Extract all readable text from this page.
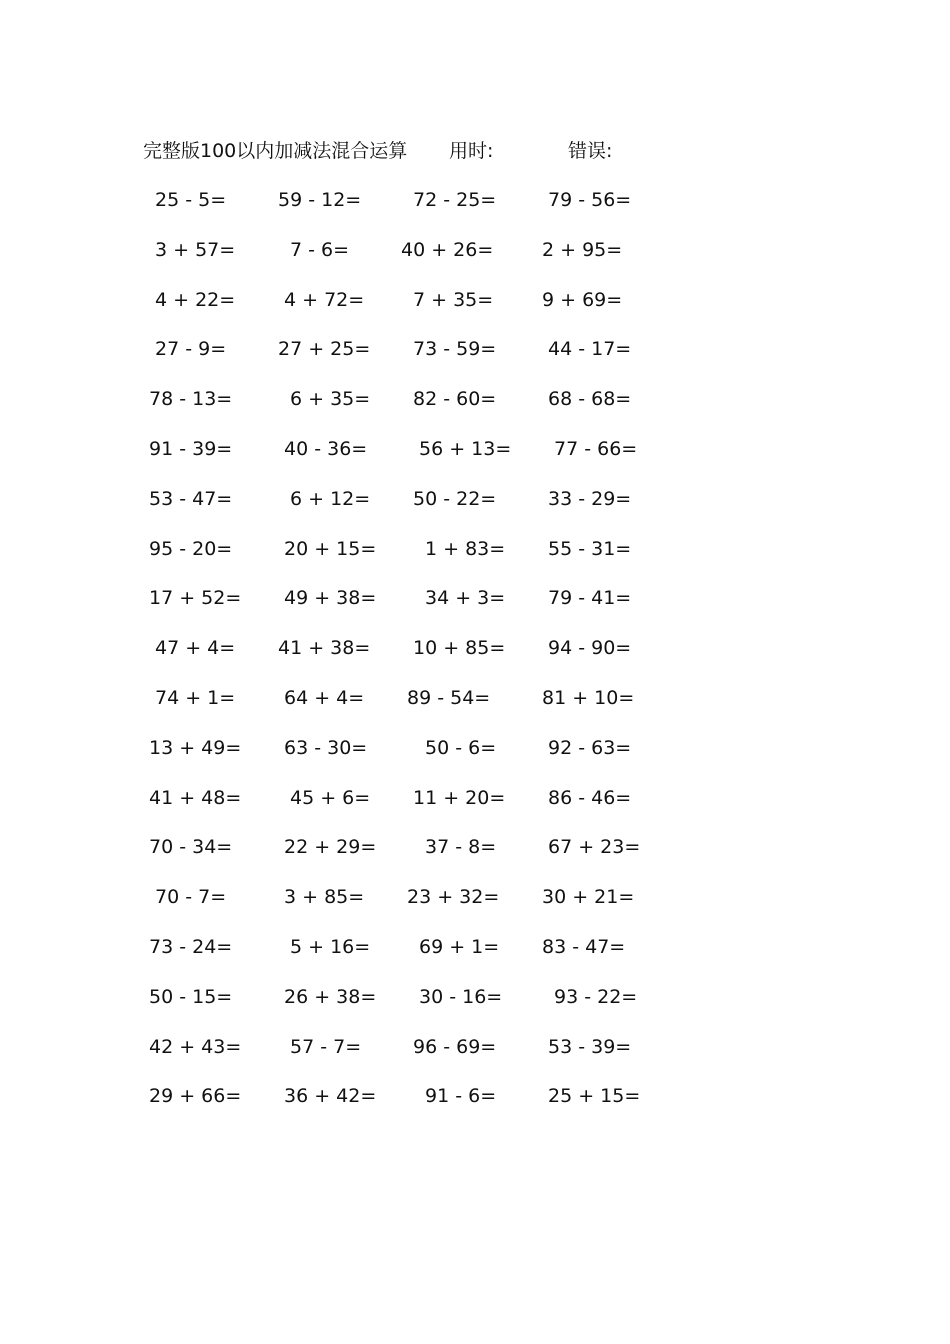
完整版100以内加减法混合运算 用时:	错误:
25 - 5=	59 - 12=	72 - 25=	79 - 56=
3 + 57=	7 - 6=	40 + 26=	2 + 95=
4 + 22=	4 + 72=	7 + 35=	9 + 69=
27 - 9=	27 + 25= 73 - 59=	44 - 17=
78 - 13=	6 + 35= 82 - 60=	68 - 68=
91 - 39=	40 - 36=	56 + 13= 77 - 66=
53 - 47=	6 + 12= 50 - 22=	33 - 29=
95 - 20=	20 + 15=	1 + 83= 55 - 31=
17 + 52= 49 + 38=	34 + 3= 79 - 41=
47 + 4= 41 + 38= 10 + 85= 94 - 90=
74 + 1=	64 + 4= 89 - 54=	81 + 10=
13 + 49= 63 - 30=	50 - 6=	92 - 63=
41 + 48=	45 + 6= 11 + 20= 86 - 46=
70 - 34=	22 + 29=	37 - 8=	67 + 23=
70 - 7=	3 + 85= 23 + 32= 30 + 21=
73 - 24=	5 + 16=	69 + 1= 83 - 47=
50 - 15=	26 + 38= 30 - 16=	93 - 22=
42 + 43=	57 - 7=	96 - 69=	53 - 39=
29 + 66= 36 + 42=	91 - 6=	25 + 15=
